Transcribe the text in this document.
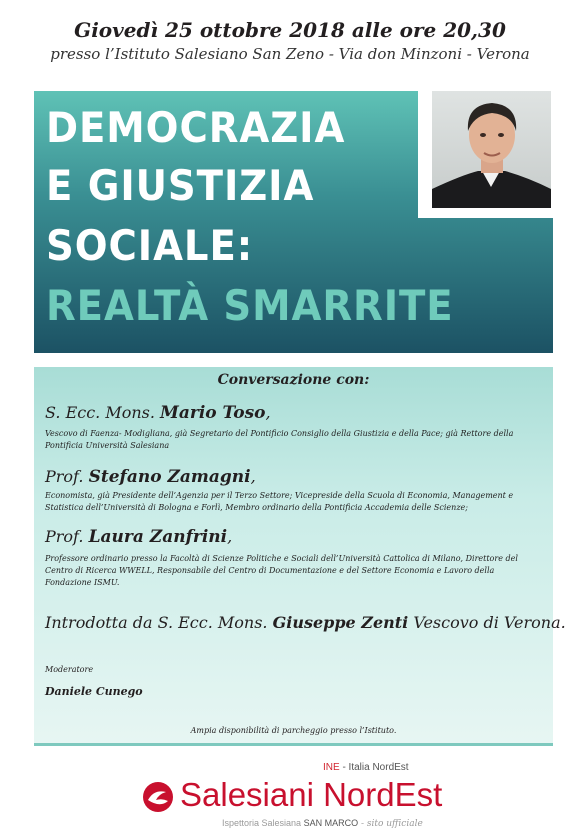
Giovedì 25 ottobre 2018 alle ore 20,30
presso l’Istituto Salesiano San Zeno - Via don Minzoni - Verona
DEMOCRAZIA
E GIUSTIZIA
SOCIALE:
REALTÀ SMARRITE
Conversazione con:
S. Ecc. Mons. Mario Toso,
Vescovo di Faenza- Modigliana, già Segretario del Pontificio Consiglio della Giustizia e della Pace; già Rettore della Pontificia Università Salesiana
Prof. Stefano Zamagni,
Economista, già Presidente dell’Agenzia per il Terzo Settore; Vicepreside della Scuola di Economia, Management e Statistica dell’Università di Bologna e Forlì, Membro ordinario della Pontificia Accademia delle Scienze;
Prof. Laura Zanfrini,
Professore ordinario presso la Facoltà di Scienze Politiche e Sociali dell’Università Cattolica di Milano, Direttore del Centro di Ricerca WWELL, Responsabile del Centro di Documentazione e del Settore Economia e Lavoro della Fondazione ISMU.
Introdotta da S. Ecc. Mons. Giuseppe Zenti Vescovo di Verona.
Moderatore
Daniele Cunego
Ampia disponibilità di parcheggio presso l’Istituto.
INE - Italia NordEst
Salesiani NordEst
Ispettoria Salesiana SAN MARCO - sito ufficiale
